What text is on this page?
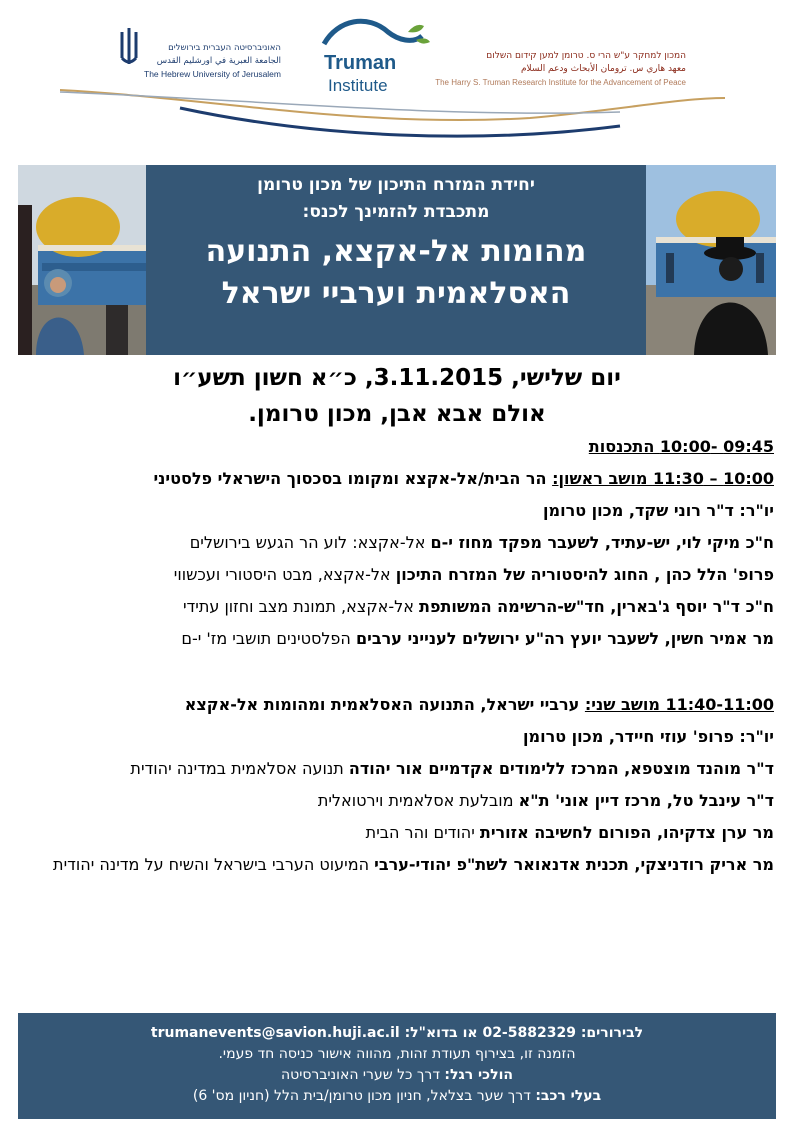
האוניברסיטה העברית בירושלים
الجامعة العبرية في اورشليم القدس
The Hebrew University of Jerusalem Truman
Institute
המכון למחקר ע"ש הרי ס. טרומן למען קידום השלום
معهد هاري س. ترومان الأبحاث ودعم السلام
The Harry S. Truman Research Institute for the Advancement of Peace
יחידת המזרח התיכון של מכון טרומן
מתכבדת להזמינך לכנס:
מהומות אל-אקצא, התנועה
האסלאמית וערביי ישראל
יום שלישי, 3.11.2015, כ״א חשון תשע״ו
אולם אבא אבן, מכון טרומן.

09:45 -10:00 התכנסות

10:00 – 11:30 מושב ראשון: הר הבית/אל-אקצא ומקומו בסכסוך הישראלי פלסטיני

יו"ר: ד"ר רוני שקד, מכון טרומן

ח"כ מיקי לוי, יש-עתיד, לשעבר מפקד מחוז י-ם אל-אקצא: לוע הר הגעש בירושלים

פרופ' הלל כהן , החוג להיסטוריה של המזרח התיכון אל-אקצא, מבט היסטורי ועכשווי

ח"כ ד"ר יוסף ג'בארין, חד"ש-הרשימה המשותפת אל-אקצא, תמונת מצב וחזון עתידי

מר אמיר חשין, לשעבר יועץ רה"ע ירושלים לענייני ערבים הפלסטינים תושבי מז' י-ם

11:40-11:00 מושב שני: ערביי ישראל, התנועה האסלאמית ומהומות אל-אקצא

יו"ר: פרופ' עוזי חיידר, מכון טרומן

ד"ר מוהנד מוצטפא, המרכז ללימודים אקדמיים אור יהודה תנועה אסלאמית במדינה יהודית

ד"ר עינבל טל, מרכז דיין אוני' ת"א מובלעת אסלאמית וירטואלית

מר ערן צדקיהו, הפורום לחשיבה אזורית יהודים והר הבית

מר אריק רודניצקי, תכנית אדנאואר לשת"פ יהודי-ערבי המיעוט הערבי בישראל והשיח על מדינה יהודית

לבירורים: 02-5882329 או בדוא"ל: trumanevents@savion.huji.ac.il
הזמנה זו, בצירוף תעודת זהות, מהווה אישור כניסה חד פעמי.
הולכי רגל: דרך כל שערי האוניברסיטה
בעלי רכב: דרך שער בצלאל, חניון מכון טרומן/בית הלל (חניון מס' 6)
